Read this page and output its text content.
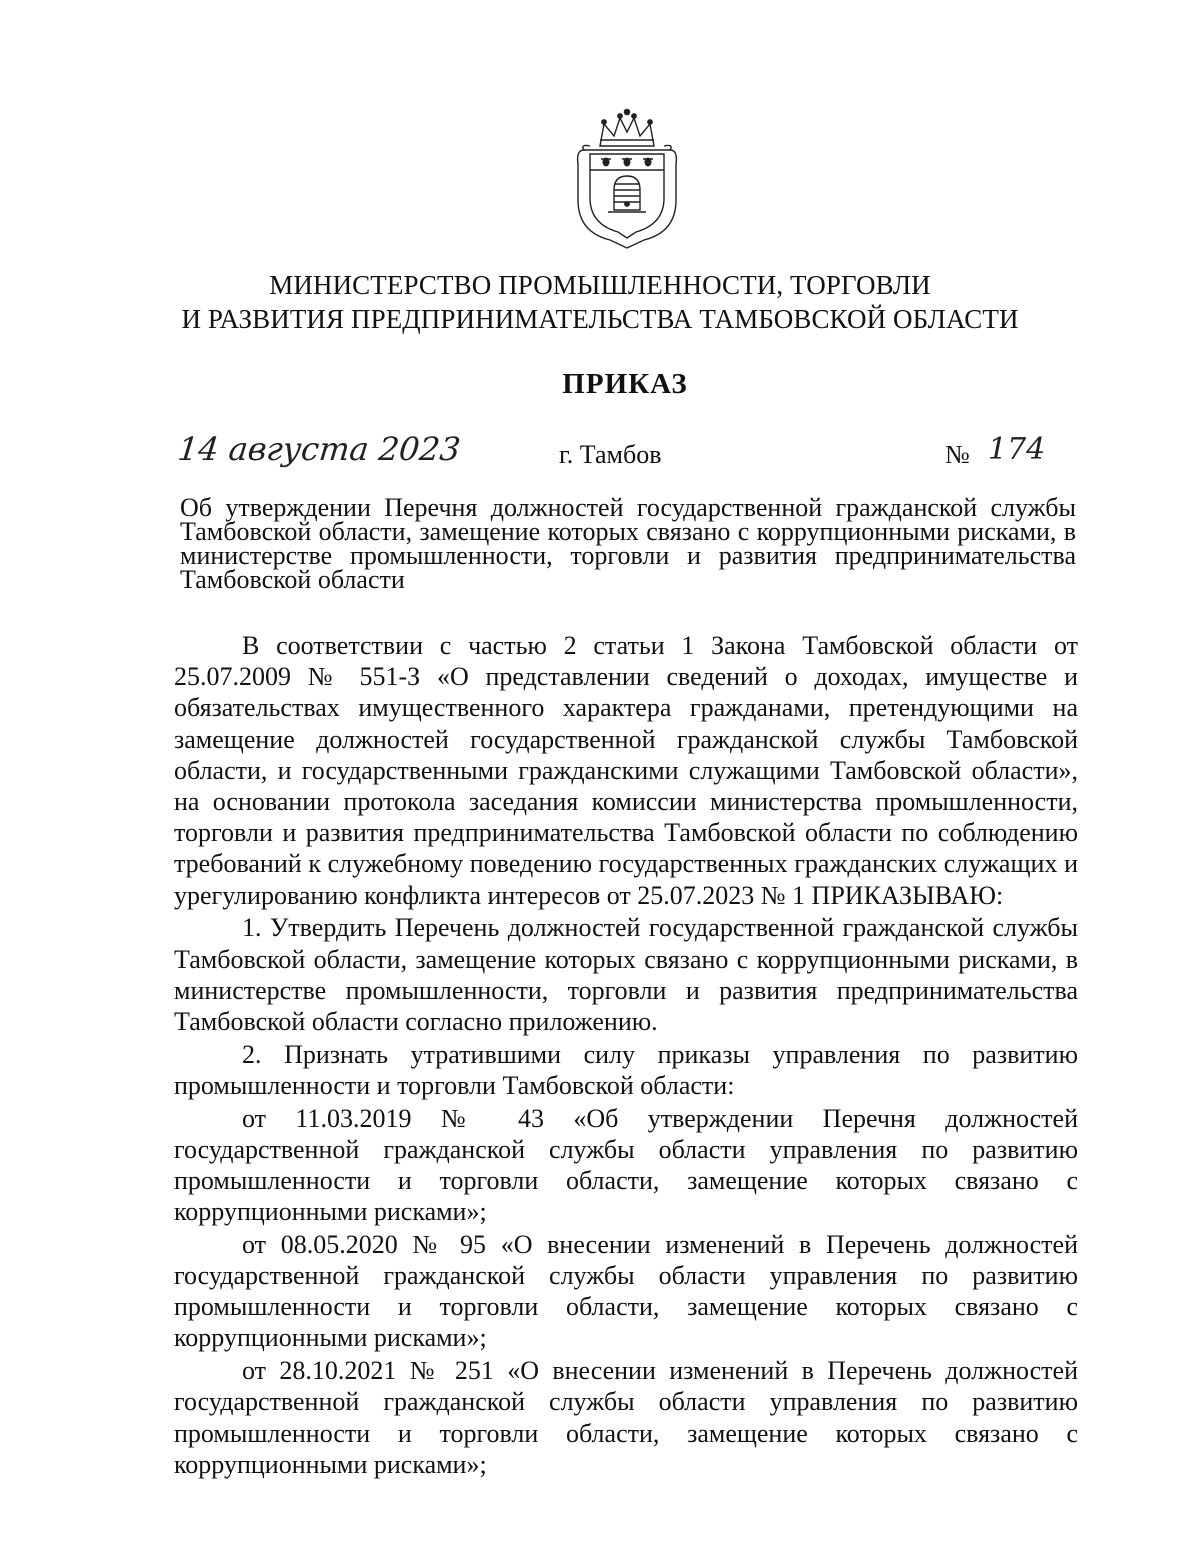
МИНИСТЕРСТВО ПРОМЫШЛЕННОСТИ, ТОРГОВЛИ
И РАЗВИТИЯ ПРЕДПРИНИМАТЕЛЬСТВА ТАМБОВСКОЙ ОБЛАСТИ
ПРИКАЗ
14 августа 2023	г. Тамбов	№ 174
Об утверждении Перечня должностей государственной гражданской службы Тамбовской области, замещение которых связано с коррупционными рисками, в министерстве промышленности, торговли и развития предпринимательства Тамбовской области

В соответствии с частью 2 статьи 1 Закона Тамбовской области от 25.07.2009 № 551-З «О представлении сведений о доходах, имуществе и обязательствах имущественного характера гражданами, претендующими на замещение должностей государственной гражданской службы Тамбовской области, и государственными гражданскими служащими Тамбовской области», на основании протокола заседания комиссии министерства промышленности, торговли и развития предпринимательства Тамбовской области по соблюдению требований к служебному поведению государственных гражданских служащих и урегулированию конфликта интересов от 25.07.2023 № 1 ПРИКАЗЫВАЮ:

1. Утвердить Перечень должностей государственной гражданской службы Тамбовской области, замещение которых связано с коррупционными рисками, в министерстве промышленности, торговли и развития предпринимательства Тамбовской области согласно приложению.

2. Признать утратившими силу приказы управления по развитию промышленности и торговли Тамбовской области:

от 11.03.2019 № 43 «Об утверждении Перечня должностей государственной гражданской службы области управления по развитию промышленности и торговли области, замещение которых связано с коррупционными рисками»;

от 08.05.2020 № 95 «О внесении изменений в Перечень должностей государственной гражданской службы области управления по развитию промышленности и торговли области, замещение которых связано с коррупционными рисками»;

от 28.10.2021 № 251 «О внесении изменений в Перечень должностей государственной гражданской службы области управления по развитию промышленности и торговли области, замещение которых связано с коррупционными рисками»;
